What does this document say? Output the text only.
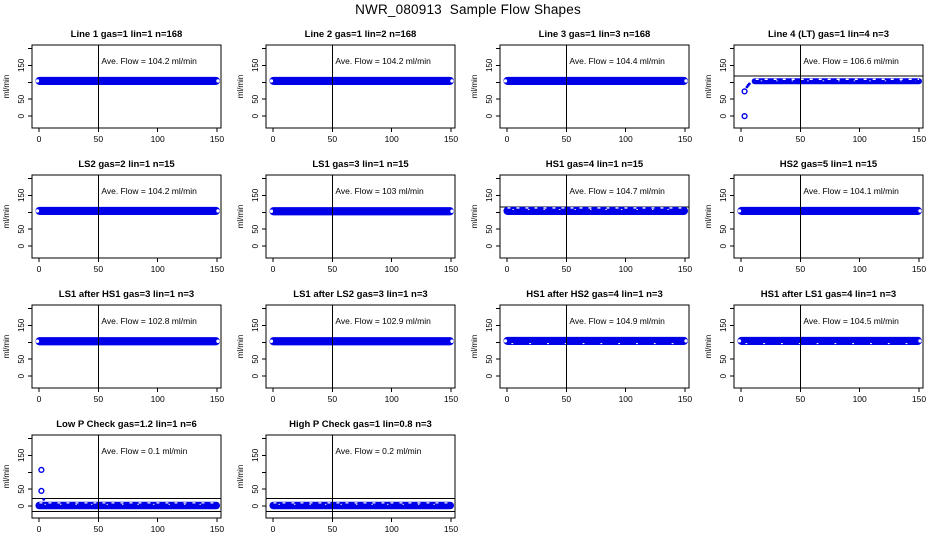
NWR_080913  Sample Flow Shapes
Line 1 gas=1 lin=1 n=168
0
50
150
0	50	100	150
ml/min
Ave. Flow = 104.2 ml/min
Line 2 gas=1 lin=2 n=168
0
50
150
0	50	100	150
ml/min
Ave. Flow = 104.2 ml/min
Line 3 gas=1 lin=3 n=168
0
50
150
0	50	100	150
ml/min
Ave. Flow = 104.4 ml/min
Line 4 (LT) gas=1 lin=4 n=3
0
50
150
0	50	100	150
ml/min
Ave. Flow = 106.6 ml/min
LS2 gas=2 lin=1 n=15
0
50
150
0	50	100	150
ml/min
Ave. Flow = 104.2 ml/min
LS1 gas=3 lin=1 n=15
0
50
150
0	50	100	150
ml/min
Ave. Flow = 103 ml/min
HS1 gas=4 lin=1 n=15
0
50
150
0	50	100	150
ml/min
Ave. Flow = 104.7 ml/min
HS2 gas=5 lin=1 n=15
0
50
150
0	50	100	150
ml/min
Ave. Flow = 104.1 ml/min
LS1 after HS1 gas=3 lin=1 n=3
0
50
150
0	50	100	150
ml/min
Ave. Flow = 102.8 ml/min
LS1 after LS2 gas=3 lin=1 n=3
0
50
150
0	50	100	150
ml/min
Ave. Flow = 102.9 ml/min
HS1 after HS2 gas=4 lin=1 n=3
0
50
150
0	50	100	150
ml/min
Ave. Flow = 104.9 ml/min
HS1 after LS1 gas=4 lin=1 n=3
0
50
150
0	50	100	150
ml/min
Ave. Flow = 104.5 ml/min
Low P Check gas=1.2 lin=1 n=6
0
50
150
0	50	100	150
ml/min
Ave. Flow = 0.1 ml/min
High P Check gas=1 lin=0.8 n=3
0
50
150
0	50	100	150
ml/min
Ave. Flow = 0.2 ml/min
